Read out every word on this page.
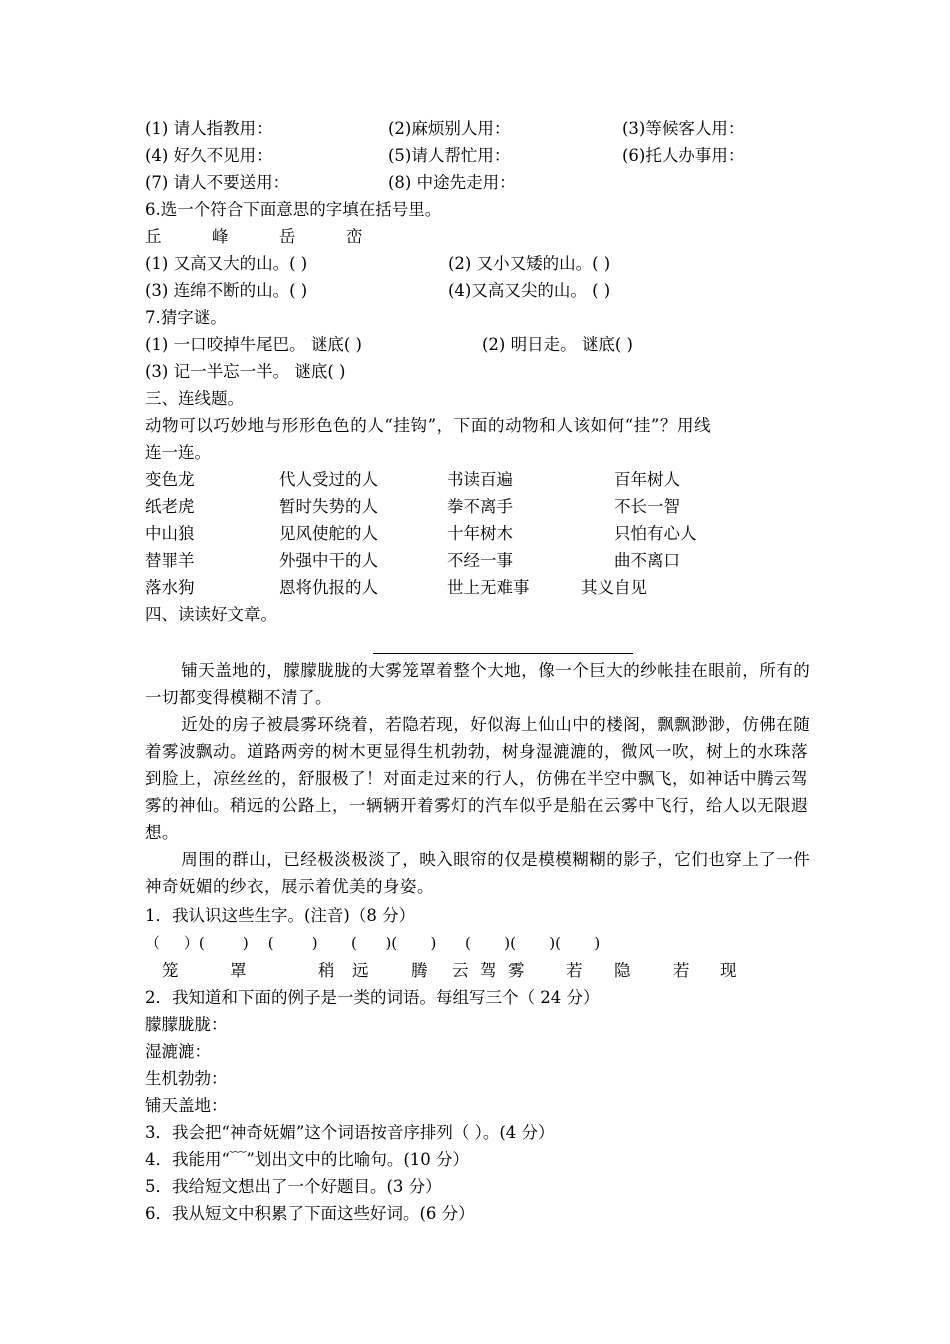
(1) 请人指教用：	(2)麻烦别人用：	(3)等候客人用：
(4) 好久不见用：	(5)请人帮忙用：	(6)托人办事用：
(7) 请人不要送用：	(8) 中途先走用：
6.选一个符合下面意思的字填在括号里。
丘	峰	岳	峦
(1) 又高又大的山。( )	(2) 又小又矮的山。( )
(3) 连绵不断的山。( )	(4)又高又尖的山。 ( )
7.猜字谜。
(1) 一口咬掉牛尾巴。 谜底( )	(2) 明日走。 谜底( )
(3) 记一半忘一半。 谜底( )
三、连线题。
动物可以巧妙地与形形色色的人“挂钩”，下面的动物和人该如何“挂”？用线
连一连。
变色龙	代人受过的人	书读百遍	百年树人
纸老虎	暂时失势的人	拳不离手	不长一智
中山狼	见风使舵的人	十年树木	只怕有心人
替罪羊	外强中干的人	不经一事	曲不离口
落水狗	恩将仇报的人	世上无难事	其义自见
四、读读好文章。

铺天盖地的，朦朦胧胧的大雾笼罩着整个大地，像一个巨大的纱帐挂在眼前，所有的一切都变得模糊不清了。

近处的房子被晨雾环绕着，若隐若现，好似海上仙山中的楼阁，飘飘渺渺，仿佛在随着雾波飘动。道路两旁的树木更显得生机勃勃，树身湿漉漉的，微风一吹，树上的水珠落到脸上，凉丝丝的，舒服极了！对面走过来的行人，仿佛在半空中飘飞，如神话中腾云驾雾的神仙。稍远的公路上，一辆辆开着雾灯的汽车似乎是船在云雾中飞行，给人以无限遐想。

周围的群山，已经极淡极淡了，映入眼帘的仅是模模糊糊的影子，它们也穿上了一件神奇妩媚的纱衣，展示着优美的身姿。

1．我认识这些生字。(注音)（8 分）
（     ）(        )    (        )       (      )(       )      (       )(       )(       )
笼	罩	稍 远	腾 云 驾 雾	若 隐	若 现
2．我知道和下面的例子是一类的词语。每组写三个（ 24 分）
朦朦胧胧：
湿漉漉：
生机勃勃：
铺天盖地：
3．我会把“神奇妩媚”这个词语按音序排列（ ）。(4 分）
4．我能用“﹋”划出文中的比喻句。(10 分）
5．我给短文想出了一个好题目。(3 分）
6．我从短文中积累了下面这些好词。(6 分）
